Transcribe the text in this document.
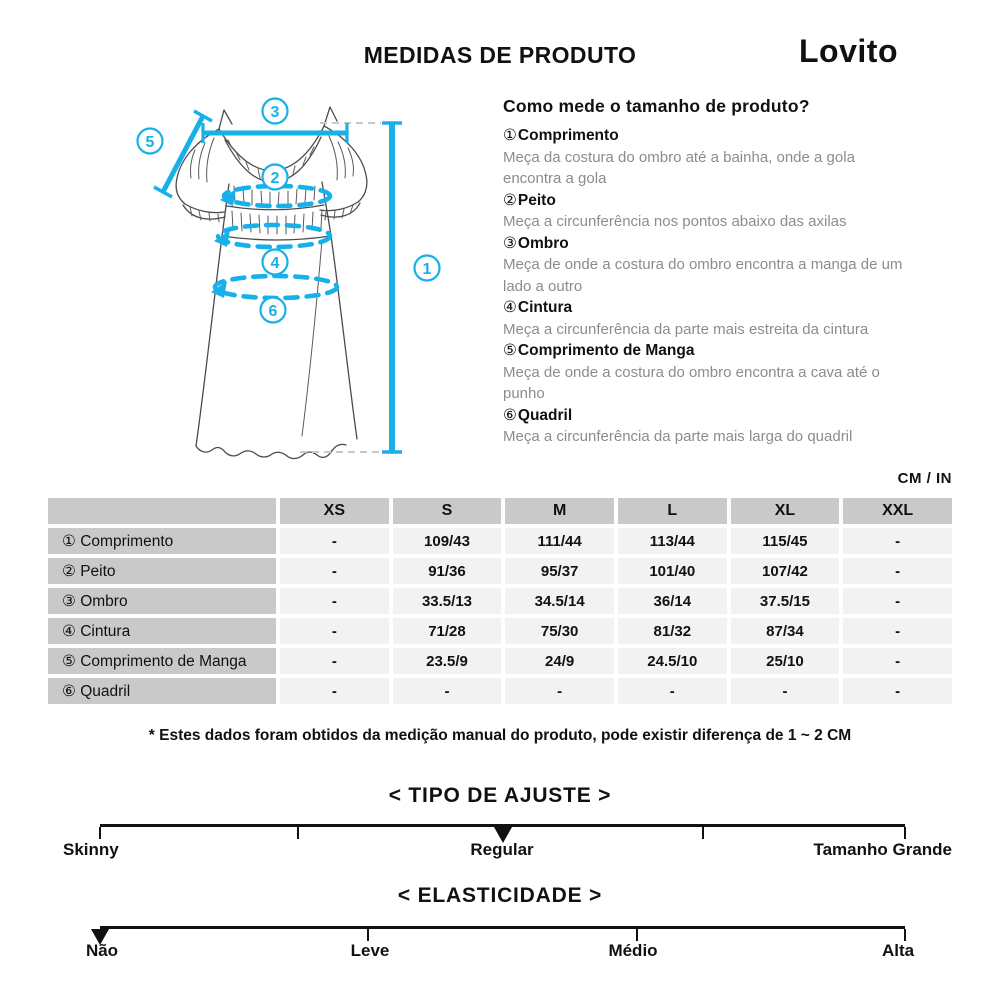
MEDIDAS DE PRODUTO	Lovito
1
2
3
4
5
6
Como mede o tamanho de produto?
①Comprimento
Meça da costura do ombro até a bainha, onde a gola encontra a gola
②Peito
Meça a circunferência nos pontos abaixo das axilas
③Ombro
Meça de onde a costura do ombro encontra a manga de um lado a outro
④Cintura
Meça a circunferência da parte mais estreita da cintura
⑤Comprimento de Manga
Meça de onde a costura do ombro encontra a cava até o punho
⑥Quadril
Meça a circunferência da parte mais larga do quadril
CM / IN
	XS	S	M	L	XL	XXL
① Comprimento	-	109/43	111/44	113/44	115/45	-
② Peito	-	91/36	95/37	101/40	107/42	-
③ Ombro	-	33.5/13	34.5/14	36/14	37.5/15	-
④ Cintura	-	71/28	75/30	81/32	87/34	-
⑤ Comprimento de Manga	-	23.5/9	24/9	24.5/10	25/10	-
⑥ Quadril	-	-	-	-	-	-
* Estes dados foram obtidos da medição manual do produto, pode existir diferença de 1 ~ 2 CM
< TIPO DE AJUSTE >
Skinny	Regular	Tamanho Grande
< ELASTICIDADE >
Não	Leve	Médio	Alta
